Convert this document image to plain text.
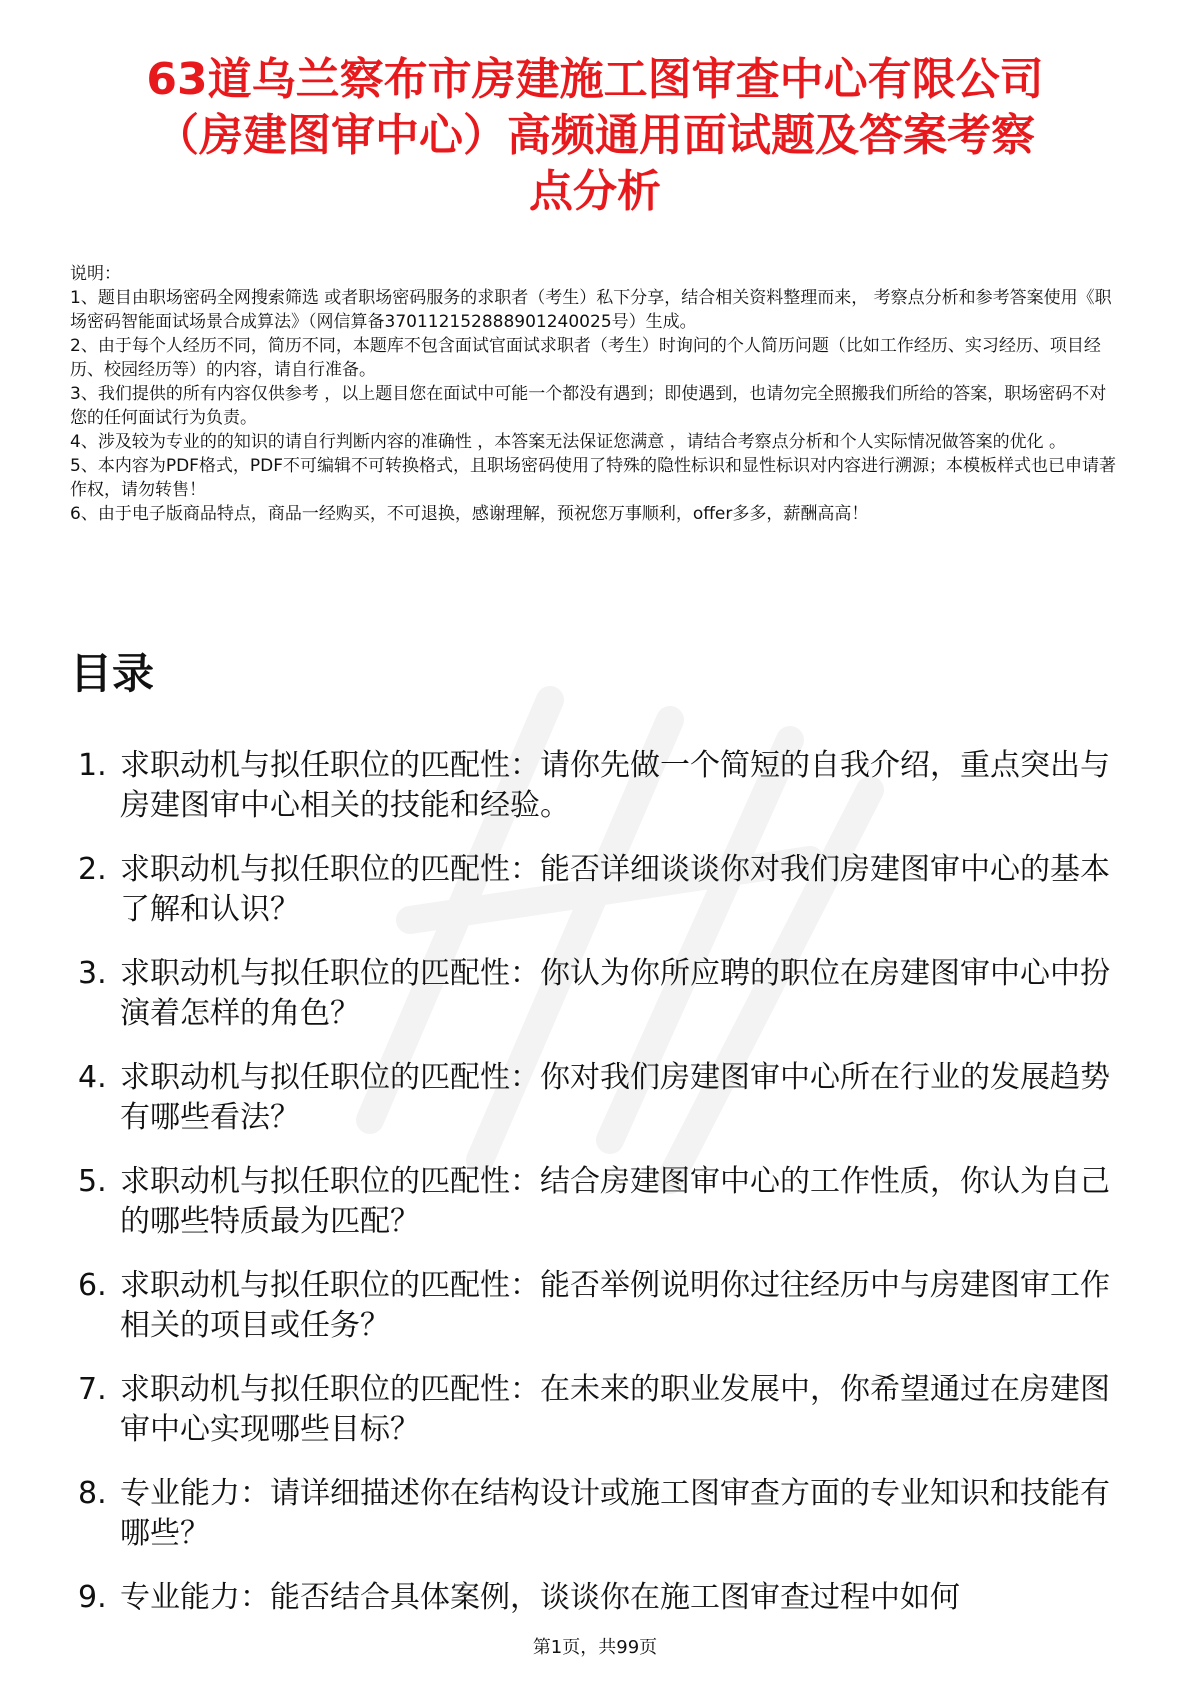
63道乌兰察布市房建施工图审查中心有限公司
（房建图审中心）高频通用面试题及答案考察
点分析

说明：

1、题目由职场密码全网搜索筛选 或者职场密码服务的求职者（考生）私下分享，结合相关资料整理而来， 考察点分析和参考答案使用《职场密码智能面试场景合成算法》（网信算备370112152888901240025号）生成。

2、由于每个人经历不同，简历不同，本题库不包含面试官面试求职者（考生）时询问的个人简历问题（比如工作经历、实习经历、项目经历、校园经历等）的内容，请自行准备。

3、我们提供的所有内容仅供参考 ，以上题目您在面试中可能一个都没有遇到；即使遇到，也请勿完全照搬我们所给的答案，职场密码不对您的任何面试行为负责。

4、涉及较为专业的的知识的请自行判断内容的准确性 ，本答案无法保证您满意 ，请结合考察点分析和个人实际情况做答案的优化 。

5、本内容为PDF格式，PDF不可编辑不可转换格式，且职场密码使用了特殊的隐性标识和显性标识对内容进行溯源；本模板样式也已申请著作权，请勿转售！

6、由于电子版商品特点，商品一经购买，不可退换，感谢理解，预祝您万事顺利，offer多多，薪酬高高！

目录
1. 求职动机与拟任职位的匹配性：请你先做一个简短的自我介绍，重点突出与房建图审中心相关的技能和经验。
2. 求职动机与拟任职位的匹配性：能否详细谈谈你对我们房建图审中心的基本了解和认识？
3. 求职动机与拟任职位的匹配性：你认为你所应聘的职位在房建图审中心中扮演着怎样的角色？
4. 求职动机与拟任职位的匹配性：你对我们房建图审中心所在行业的发展趋势有哪些看法？
5. 求职动机与拟任职位的匹配性：结合房建图审中心的工作性质，你认为自己的哪些特质最为匹配？
6. 求职动机与拟任职位的匹配性：能否举例说明你过往经历中与房建图审工作相关的项目或任务？
7. 求职动机与拟任职位的匹配性：在未来的职业发展中，你希望通过在房建图审中心实现哪些目标？
8. 专业能力：请详细描述你在结构设计或施工图审查方面的专业知识和技能有哪些？
9. 专业能力：能否结合具体案例，谈谈你在施工图审查过程中如何
第1页，共99页
